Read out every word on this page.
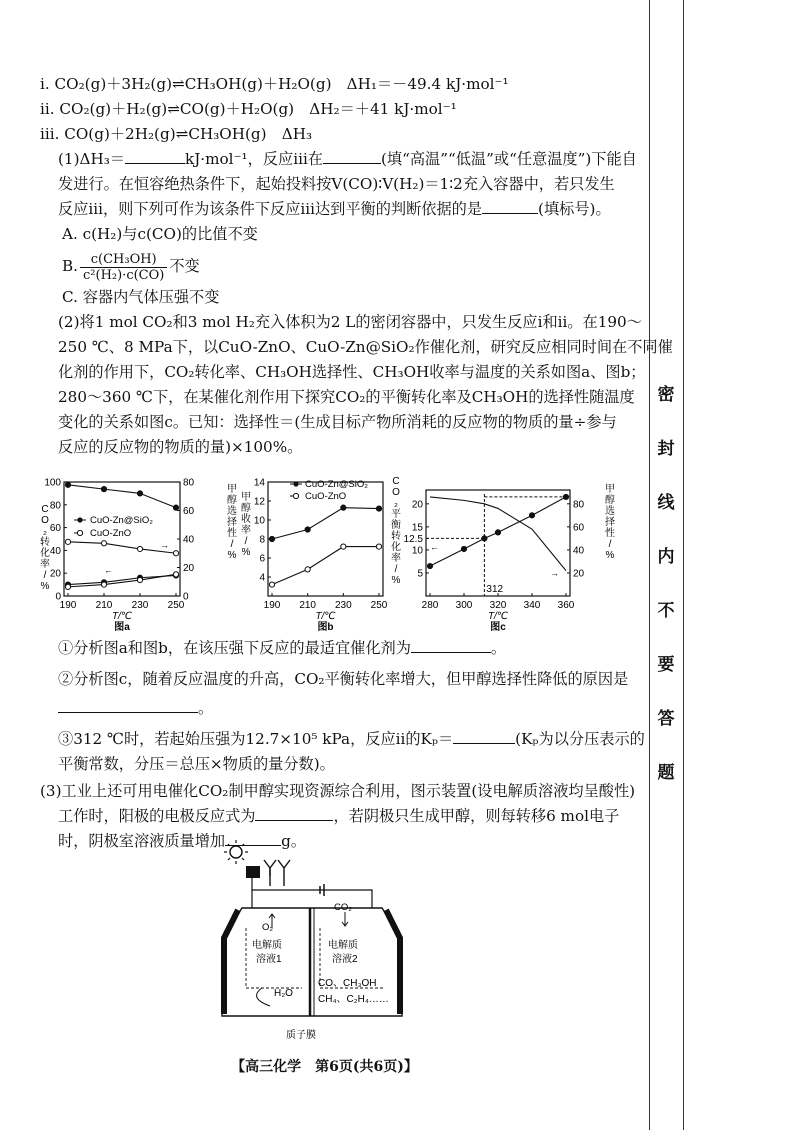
密
封
线
内
不
要
答
题
ⅰ. CO₂(g)＋3H₂(g)⇌CH₃OH(g)＋H₂O(g)　ΔH₁＝－49.4 kJ·mol⁻¹
ⅱ. CO₂(g)＋H₂(g)⇌CO(g)＋H₂O(g)　ΔH₂＝＋41 kJ·mol⁻¹
ⅲ. CO(g)＋2H₂(g)⇌CH₃OH(g)　ΔH₃
(1)ΔH₃＝	kJ·mol⁻¹，反应ⅲ在	(填“高温”“低温”或“任意温度”)下能自
发进行。在恒容绝热条件下，起始投料按V(CO)∶V(H₂)＝1∶2充入容器中，若只发生
反应ⅲ，则下列可作为该条件下反应ⅲ达到平衡的判断依据的是	(填标号)。
A. c(H₂)与c(CO)的比值不变
B. $\frac{\text{c(CH₃OH)}}{\text{c²(H₂)·c(CO)}}$ 不变
C. 容器内气体压强不变
(2)将1 mol CO₂和3 mol H₂充入体积为2 L的密闭容器中，只发生反应ⅰ和ⅱ。在190～
250 ℃、8 MPa下，以CuO-ZnO、CuO-Zn@SiO₂作催化剂，研究反应相同时间在不同催
化剂的作用下，CO₂转化率、CH₃OH选择性、CH₃OH收率与温度的关系如图a、图b；
280～360 ℃下，在某催化剂作用下探究CO₂的平衡转化率及CH₃OH的选择性随温度
变化的关系如图c。已知：选择性＝(生成目标产物所消耗的反应物的物质的量÷参与
反应的反应物的物质的量)×100%。
190 210 230 250
T/℃
图a
0
20
40
60
80
100
0
20
40
60
80
C
O
₂
转
化
率
/
%
甲
醇
选
择
性
/
%
CuO-Zn@SiO₂
CuO-ZnO
→
←
190 210 230 250
T/℃
图b
4
6
8
10
12
14
甲
醇
收
率
/
%
CuO-Zn@SiO₂
CuO-ZnO
280 300 320 340 360
T/℃
图c
5
10
12.5
15
20
20
40
60
80
C
O
₂
平
衡
转
化
率
/
%
甲
醇
选
择
性
/
%
312
←
→
①分析图a和图b，在该压强下反应的最适宜催化剂为	。
②分析图c，随着反应温度的升高，CO₂平衡转化率增大，但甲醇选择性降低的原因是
。
③312 ℃时，若起始压强为12.7×10⁵ kPa，反应ⅱ的Kₚ＝	(Kₚ为以分压表示的
平衡常数，分压＝总压×物质的量分数)。
(3)工业上还可用电催化CO₂制甲醇实现资源综合利用，图示装置(设电解质溶液均呈酸性)
工作时，阳极的电极反应式为	，若阴极只生成甲醇，则每转移6 mol电子
时，阴极室溶液质量增加	g。
O₂
CO₂
电解质
溶液1
电解质
溶液2
H₂O
CO、CH₃OH
CH₄、C₂H₄……
质子膜
【高三化学　第6页(共6页)】
